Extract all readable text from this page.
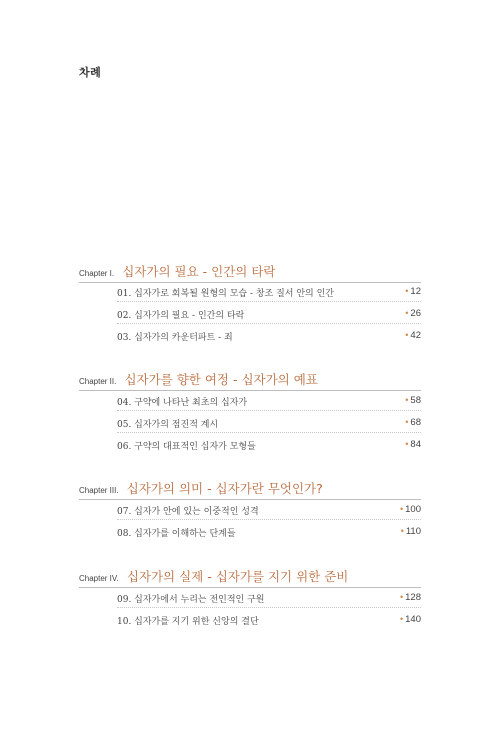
차례
Chapter I. 십자가의 필요 - 인간의 타락
01. 십자가로 회복될 원형의 모습 - 창조 질서 안의 인간	• 12
02. 십자가의 필요 - 인간의 타락	• 26
03. 십자가의 카운터파트 - 죄	• 42
Chapter II. 십자가를 향한 여정 - 십자가의 예표
04. 구약에 나타난 최초의 십자가	• 58
05. 십자가의 점진적 계시	• 68
06. 구약의 대표적인 십자가 모형들	• 84
Chapter III. 십자가의 의미 - 십자가란 무엇인가?
07. 십자가 안에 있는 이중적인 성격	• 100
08. 십자가를 이해하는 단계들	• 110
Chapter IV. 십자가의 실제 - 십자가를 지기 위한 준비
09. 십자가에서 누리는 전인적인 구원	• 128
10. 십자가를 지기 위한 신앙의 결단	• 140
